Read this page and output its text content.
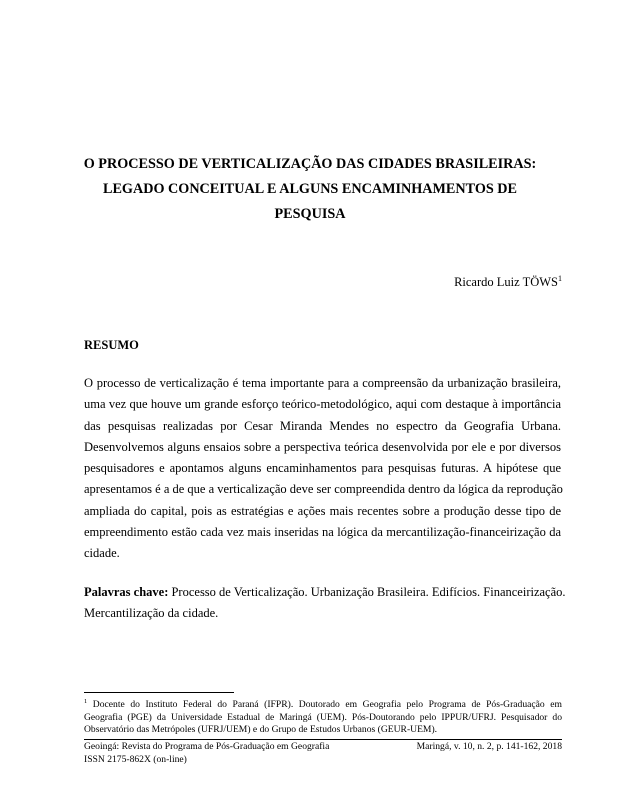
O PROCESSO DE VERTICALIZAÇÃO DAS CIDADES BRASILEIRAS:
LEGADO CONCEITUAL E ALGUNS ENCAMINHAMENTOS DE
PESQUISA
Ricardo Luiz TÖWS$^1$
RESUMO
O processo de verticalização é tema importante para a compreensão da urbanização brasileira,
uma vez que houve um grande esforço teórico-metodológico, aqui com destaque à importância
das pesquisas realizadas por Cesar Miranda Mendes no espectro da Geografia Urbana.
Desenvolvemos alguns ensaios sobre a perspectiva teórica desenvolvida por ele e por diversos
pesquisadores e apontamos alguns encaminhamentos para pesquisas futuras. A hipótese que
apresentamos é a de que a verticalização deve ser compreendida dentro da lógica da reprodução
ampliada do capital, pois as estratégias e ações mais recentes sobre a produção desse tipo de
empreendimento estão cada vez mais inseridas na lógica da mercantilização-financeirização da
cidade.
Palavras chave: Processo de Verticalização. Urbanização Brasileira. Edifícios. Financeirização.
Mercantilização da cidade.
$^1$ Docente do Instituto Federal do Paraná (IFPR). Doutorado em Geografia pelo Programa de Pós-Graduação em
Geografia (PGE) da Universidade Estadual de Maringá (UEM). Pós-Doutorando pelo IPPUR/UFRJ. Pesquisador do
Observatório das Metrópoles (UFRJ/UEM) e do Grupo de Estudos Urbanos (GEUR-UEM).
Geoingá: Revista do Programa de Pós-Graduação em Geografia	Maringá, v. 10, n. 2, p. 141-162, 2018
ISSN 2175-862X (on-line)
